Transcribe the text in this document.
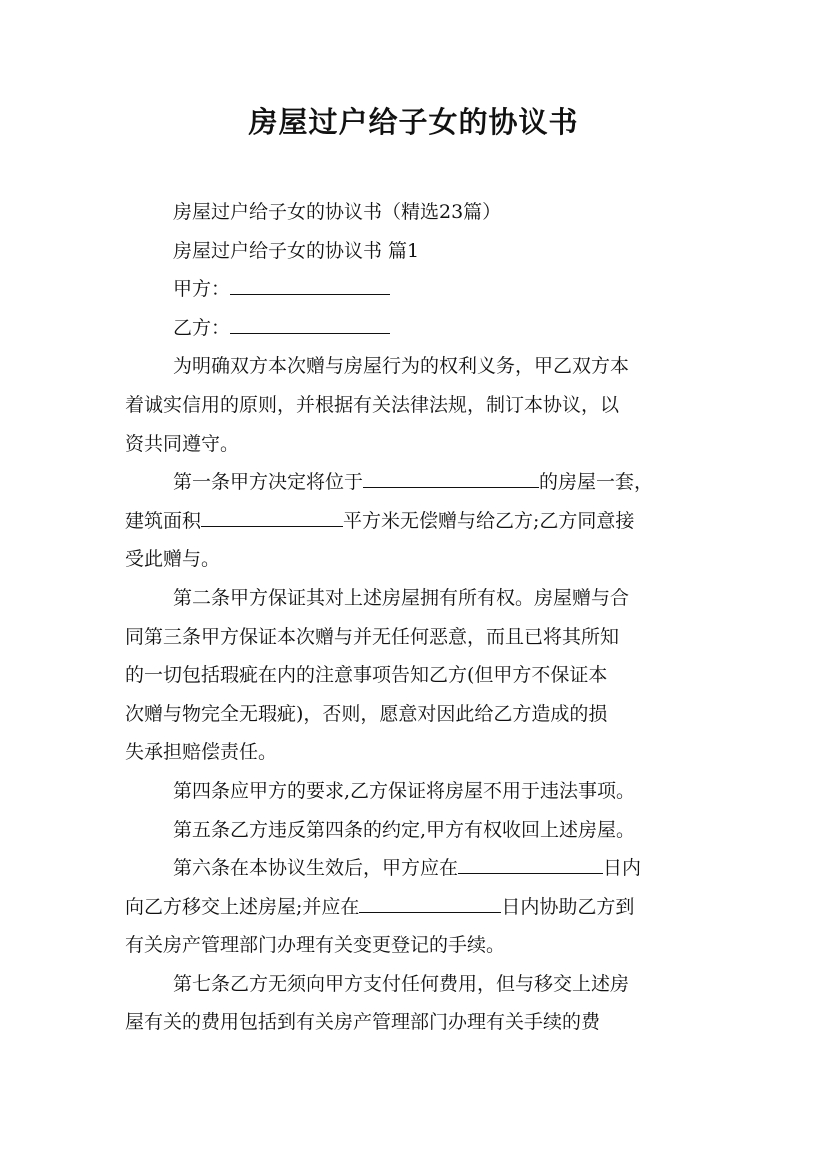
房屋过户给子女的协议书
房屋过户给子女的协议书（精选23篇）
房屋过户给子女的协议书 篇1
甲方：
乙方：
为明确双方本次赠与房屋行为的权利义务，甲乙双方本
着诚实信用的原则，并根据有关法律法规，制订本协议，以
资共同遵守。
第一条甲方决定将位于	的房屋一套，
建筑面积	平方米无偿赠与给乙方;乙方同意接
受此赠与。
第二条甲方保证其对上述房屋拥有所有权。房屋赠与合
同第三条甲方保证本次赠与并无任何恶意，而且已将其所知
的一切包括瑕疵在内的注意事项告知乙方(但甲方不保证本
次赠与物完全无瑕疵)，否则，愿意对因此给乙方造成的损
失承担赔偿责任。
第四条应甲方的要求,乙方保证将房屋不用于违法事项。
第五条乙方违反第四条的约定,甲方有权收回上述房屋。
第六条在本协议生效后，甲方应在	日内
向乙方移交上述房屋;并应在	日内协助乙方到
有关房产管理部门办理有关变更登记的手续。
第七条乙方无须向甲方支付任何费用，但与移交上述房
屋有关的费用包括到有关房产管理部门办理有关手续的费
